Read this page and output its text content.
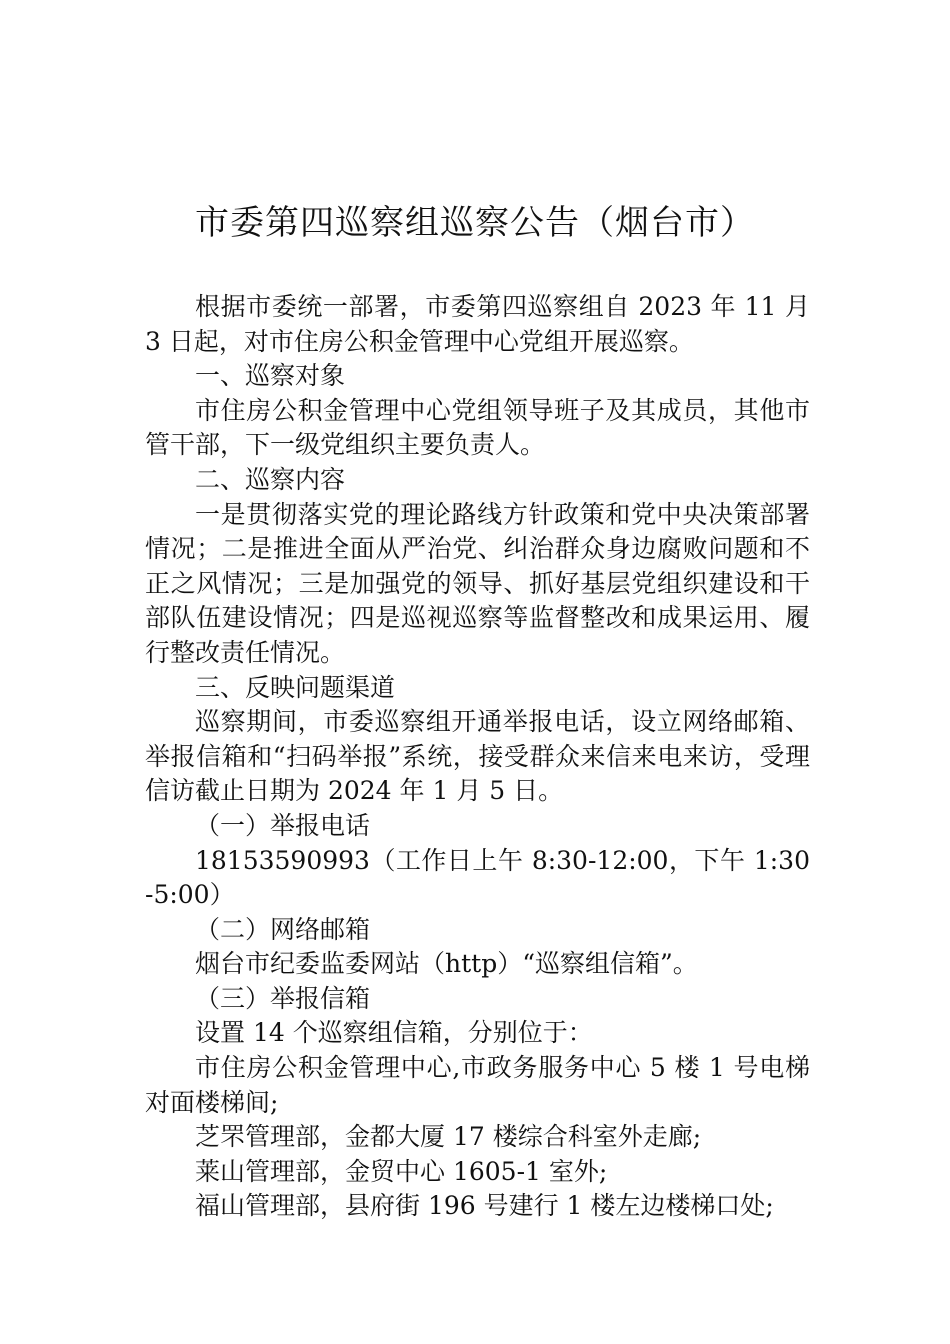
市委第四巡察组巡察公告（烟台市）

根据市委统一部署，市委第四巡察组自 2023 年 11 月 3 日起，对市住房公积金管理中心党组开展巡察。

一、巡察对象

市住房公积金管理中心党组领导班子及其成员，其他市管干部，下一级党组织主要负责人。

二、巡察内容

一是贯彻落实党的理论路线方针政策和党中央决策部署情况；二是推进全面从严治党、纠治群众身边腐败问题和不正之风情况；三是加强党的领导、抓好基层党组织建设和干部队伍建设情况；四是巡视巡察等监督整改和成果运用、履行整改责任情况。

三、反映问题渠道

巡察期间，市委巡察组开通举报电话，设立网络邮箱、举报信箱和“扫码举报”系统，接受群众来信来电来访，受理信访截止日期为 2024 年 1 月 5 日。

（一）举报电话

18153590993（工作日上午 8:30-12:00，下午 1:30-5:00）

（二）网络邮箱

烟台市纪委监委网站（http）“巡察组信箱”。

（三）举报信箱

设置 14 个巡察组信箱，分别位于：

市住房公积金管理中心,市政务服务中心 5 楼 1 号电梯对面楼梯间;

芝罘管理部，金都大厦 17 楼综合科室外走廊;

莱山管理部，金贸中心 1605-1 室外;

福山管理部，县府街 196 号建行 1 楼左边楼梯口处;
